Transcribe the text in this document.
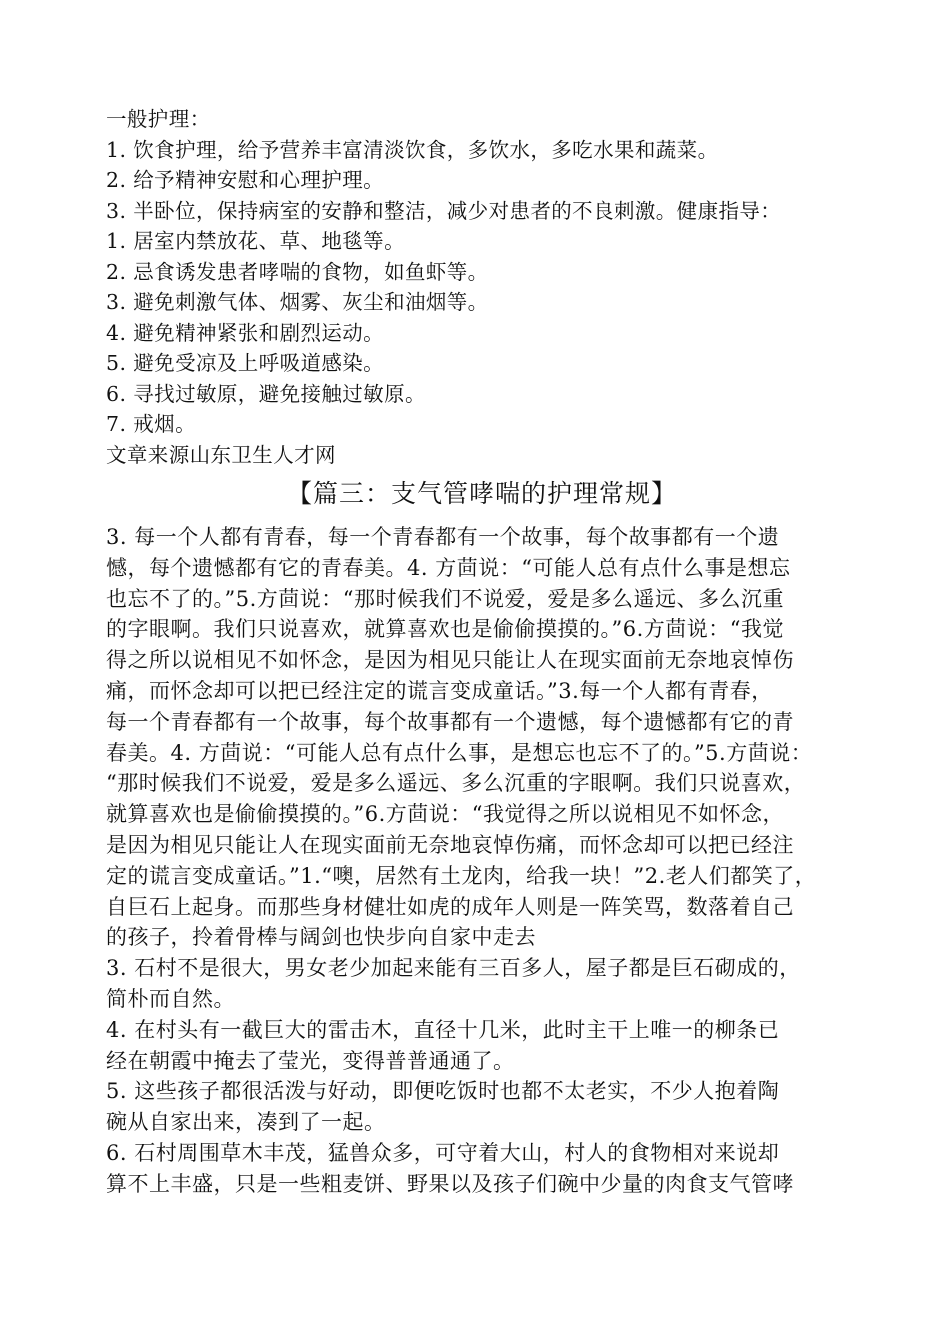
一般护理：
1. 饮食护理，给予营养丰富清淡饮食，多饮水，多吃水果和蔬菜。
2. 给予精神安慰和心理护理。
3. 半卧位，保持病室的安静和整洁，减少对患者的不良刺激。健康指导：
1. 居室内禁放花、草、地毯等。
2. 忌食诱发患者哮喘的食物，如鱼虾等。
3. 避免刺激气体、烟雾、灰尘和油烟等。
4. 避免精神紧张和剧烈运动。
5. 避免受凉及上呼吸道感染。
6. 寻找过敏原，避免接触过敏原。
7. 戒烟。
文章来源山东卫生人才网
【篇三：支气管哮喘的护理常规】
3. 每一个人都有青春，每一个青春都有一个故事，每个故事都有一个遗
憾，每个遗憾都有它的青春美。4. 方茴说：“可能人总有点什么事是想忘
也忘不了的。”5.方茴说：“那时候我们不说爱，爱是多么遥远、多么沉重
的字眼啊。我们只说喜欢，就算喜欢也是偷偷摸摸的。”6.方茴说：“我觉
得之所以说相见不如怀念，是因为相见只能让人在现实面前无奈地哀悼伤
痛，而怀念却可以把已经注定的谎言变成童话。”3.每一个人都有青春，
每一个青春都有一个故事，每个故事都有一个遗憾，每个遗憾都有它的青
春美。4. 方茴说：“可能人总有点什么事，是想忘也忘不了的。”5.方茴说：
“那时候我们不说爱，爱是多么遥远、多么沉重的字眼啊。我们只说喜欢，
就算喜欢也是偷偷摸摸的。”6.方茴说：“我觉得之所以说相见不如怀念，
是因为相见只能让人在现实面前无奈地哀悼伤痛，而怀念却可以把已经注
定的谎言变成童话。”1.“噢，居然有土龙肉，给我一块！”2.老人们都笑了，
自巨石上起身。而那些身材健壮如虎的成年人则是一阵笑骂，数落着自己
的孩子，拎着骨棒与阔剑也快步向自家中走去
3. 石村不是很大，男女老少加起来能有三百多人，屋子都是巨石砌成的，
简朴而自然。
4. 在村头有一截巨大的雷击木，直径十几米，此时主干上唯一的柳条已
经在朝霞中掩去了莹光，变得普普通通了。
5. 这些孩子都很活泼与好动，即便吃饭时也都不太老实，不少人抱着陶
碗从自家出来，凑到了一起。
6. 石村周围草木丰茂，猛兽众多，可守着大山，村人的食物相对来说却
算不上丰盛，只是一些粗麦饼、野果以及孩子们碗中少量的肉食支气管哮
